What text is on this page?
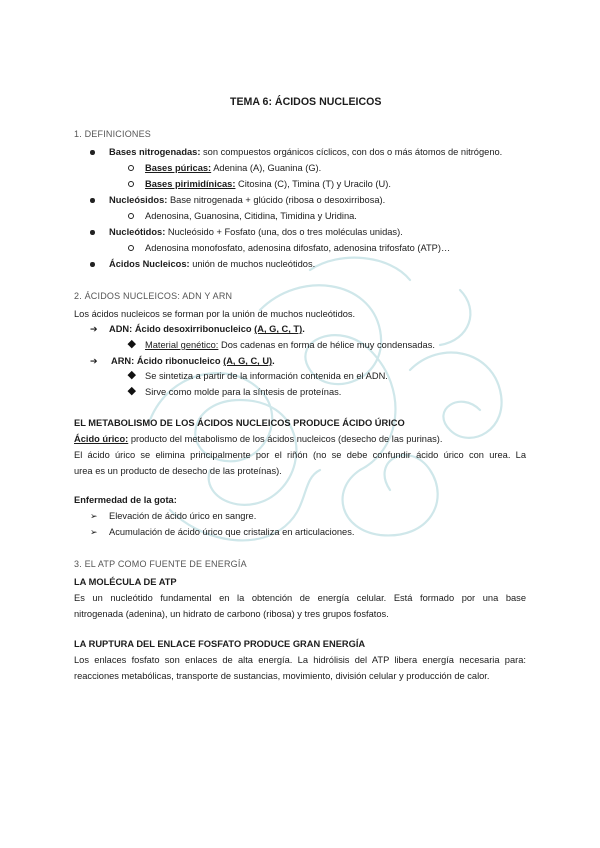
TEMA 6: ÁCIDOS NUCLEICOS
1. DEFINICIONES
Bases nitrogenadas: son compuestos orgánicos cíclicos, con dos o más átomos de nitrógeno.
Bases púricas: Adenina (A), Guanina (G).
Bases pirimidínicas: Citosina (C), Timina (T) y Uracilo (U).
Nucleósidos: Base nitrogenada + glúcido (ribosa o desoxirribosa).
Adenosina, Guanosina, Citidina, Timidina y Uridina.
Nucleótidos: Nucleósido + Fosfato (una, dos o tres moléculas unidas).
Adenosina monofosfato, adenosina difosfato, adenosina trifosfato (ATP)…
Ácidos Nucleicos: unión de muchos nucleótidos.
2. ÁCIDOS NUCLEICOS: ADN Y ARN
Los ácidos nucleicos se forman por la unión de muchos nucleótidos.
➔ ADN: Ácido desoxirribonucleico (A, G, C, T).
Material genético: Dos cadenas en forma de hélice muy condensadas.
➔ ARN: Ácido ribonucleico (A, G, C, U).
Se sintetiza a partir de la información contenida en el ADN.
Sirve como molde para la síntesis de proteínas.
EL METABOLISMO DE LOS ÁCIDOS NUCLEICOS PRODUCE ÁCIDO ÚRICO
Ácido úrico: producto del metabolismo de los ácidos nucleicos (desecho de las purinas).
El ácido úrico se elimina principalmente por el riñón (no se debe confundir ácido úrico con urea. La
urea es un producto de desecho de las proteínas).
Enfermedad de la gota:
➢ Elevación de ácido úrico en sangre.
➢ Acumulación de ácido úrico que cristaliza en articulaciones.
3. EL ATP COMO FUENTE DE ENERGÍA
LA MOLÉCULA DE ATP
Es un nucleótido fundamental en la obtención de energía celular. Está formado por una base
nitrogenada (adenina), un hidrato de carbono (ribosa) y tres grupos fosfatos.
LA RUPTURA DEL ENLACE FOSFATO PRODUCE GRAN ENERGÍA
Los enlaces fosfato son enlaces de alta energía. La hidrólisis del ATP libera energía necesaria para:
reacciones metabólicas, transporte de sustancias, movimiento, división celular y producción de calor.
